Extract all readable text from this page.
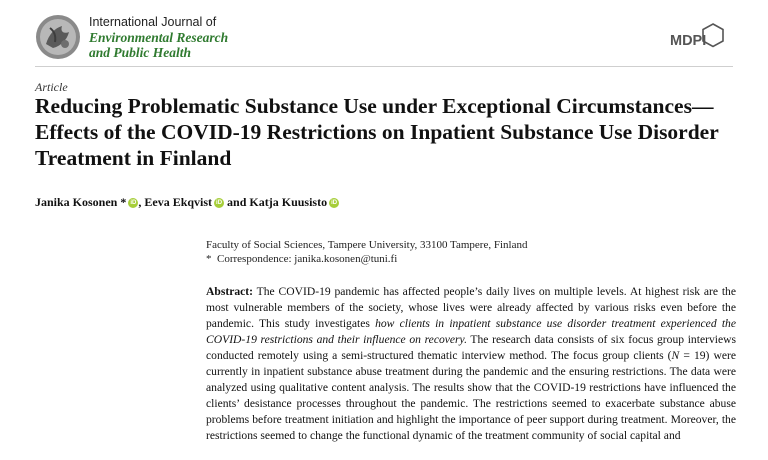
International Journal of
Environmental Research
and Public Health
MDPI
Article
Reducing Problematic Substance Use under Exceptional Circumstances—Effects of the COVID-19 Restrictions on Inpatient Substance Use Disorder Treatment in Finland
Janika Kosonen * iD , Eeva Ekqvist iD and Katja KuusistoiD
Faculty of Social Sciences, Tampere University, 33100 Tampere, Finland
* Correspondence: janika.kosonen@tuni.fi

Abstract: The COVID-19 pandemic has affected people’s daily lives on multiple levels. At highest risk are the most vulnerable members of the society, whose lives were already affected by various risks even before the pandemic. This study investigates how clients in inpatient substance use disorder treatment experienced the COVID-19 restrictions and their influence on recovery. The research data consists of six focus group interviews conducted remotely using a semi-structured thematic interview method. The focus group clients (N = 19) were currently in inpatient substance abuse treatment during the pandemic and the ensuring restrictions. The data were analyzed using qualitative content analysis. The results show that the COVID-19 restrictions have influenced the clients’ desistance processes throughout the pandemic. The restrictions seemed to exacerbate substance abuse problems before treatment initiation and highlight the importance of peer support during treatment. Moreover, the restrictions seemed to change the functional dynamic of the treatment community of social capital and
